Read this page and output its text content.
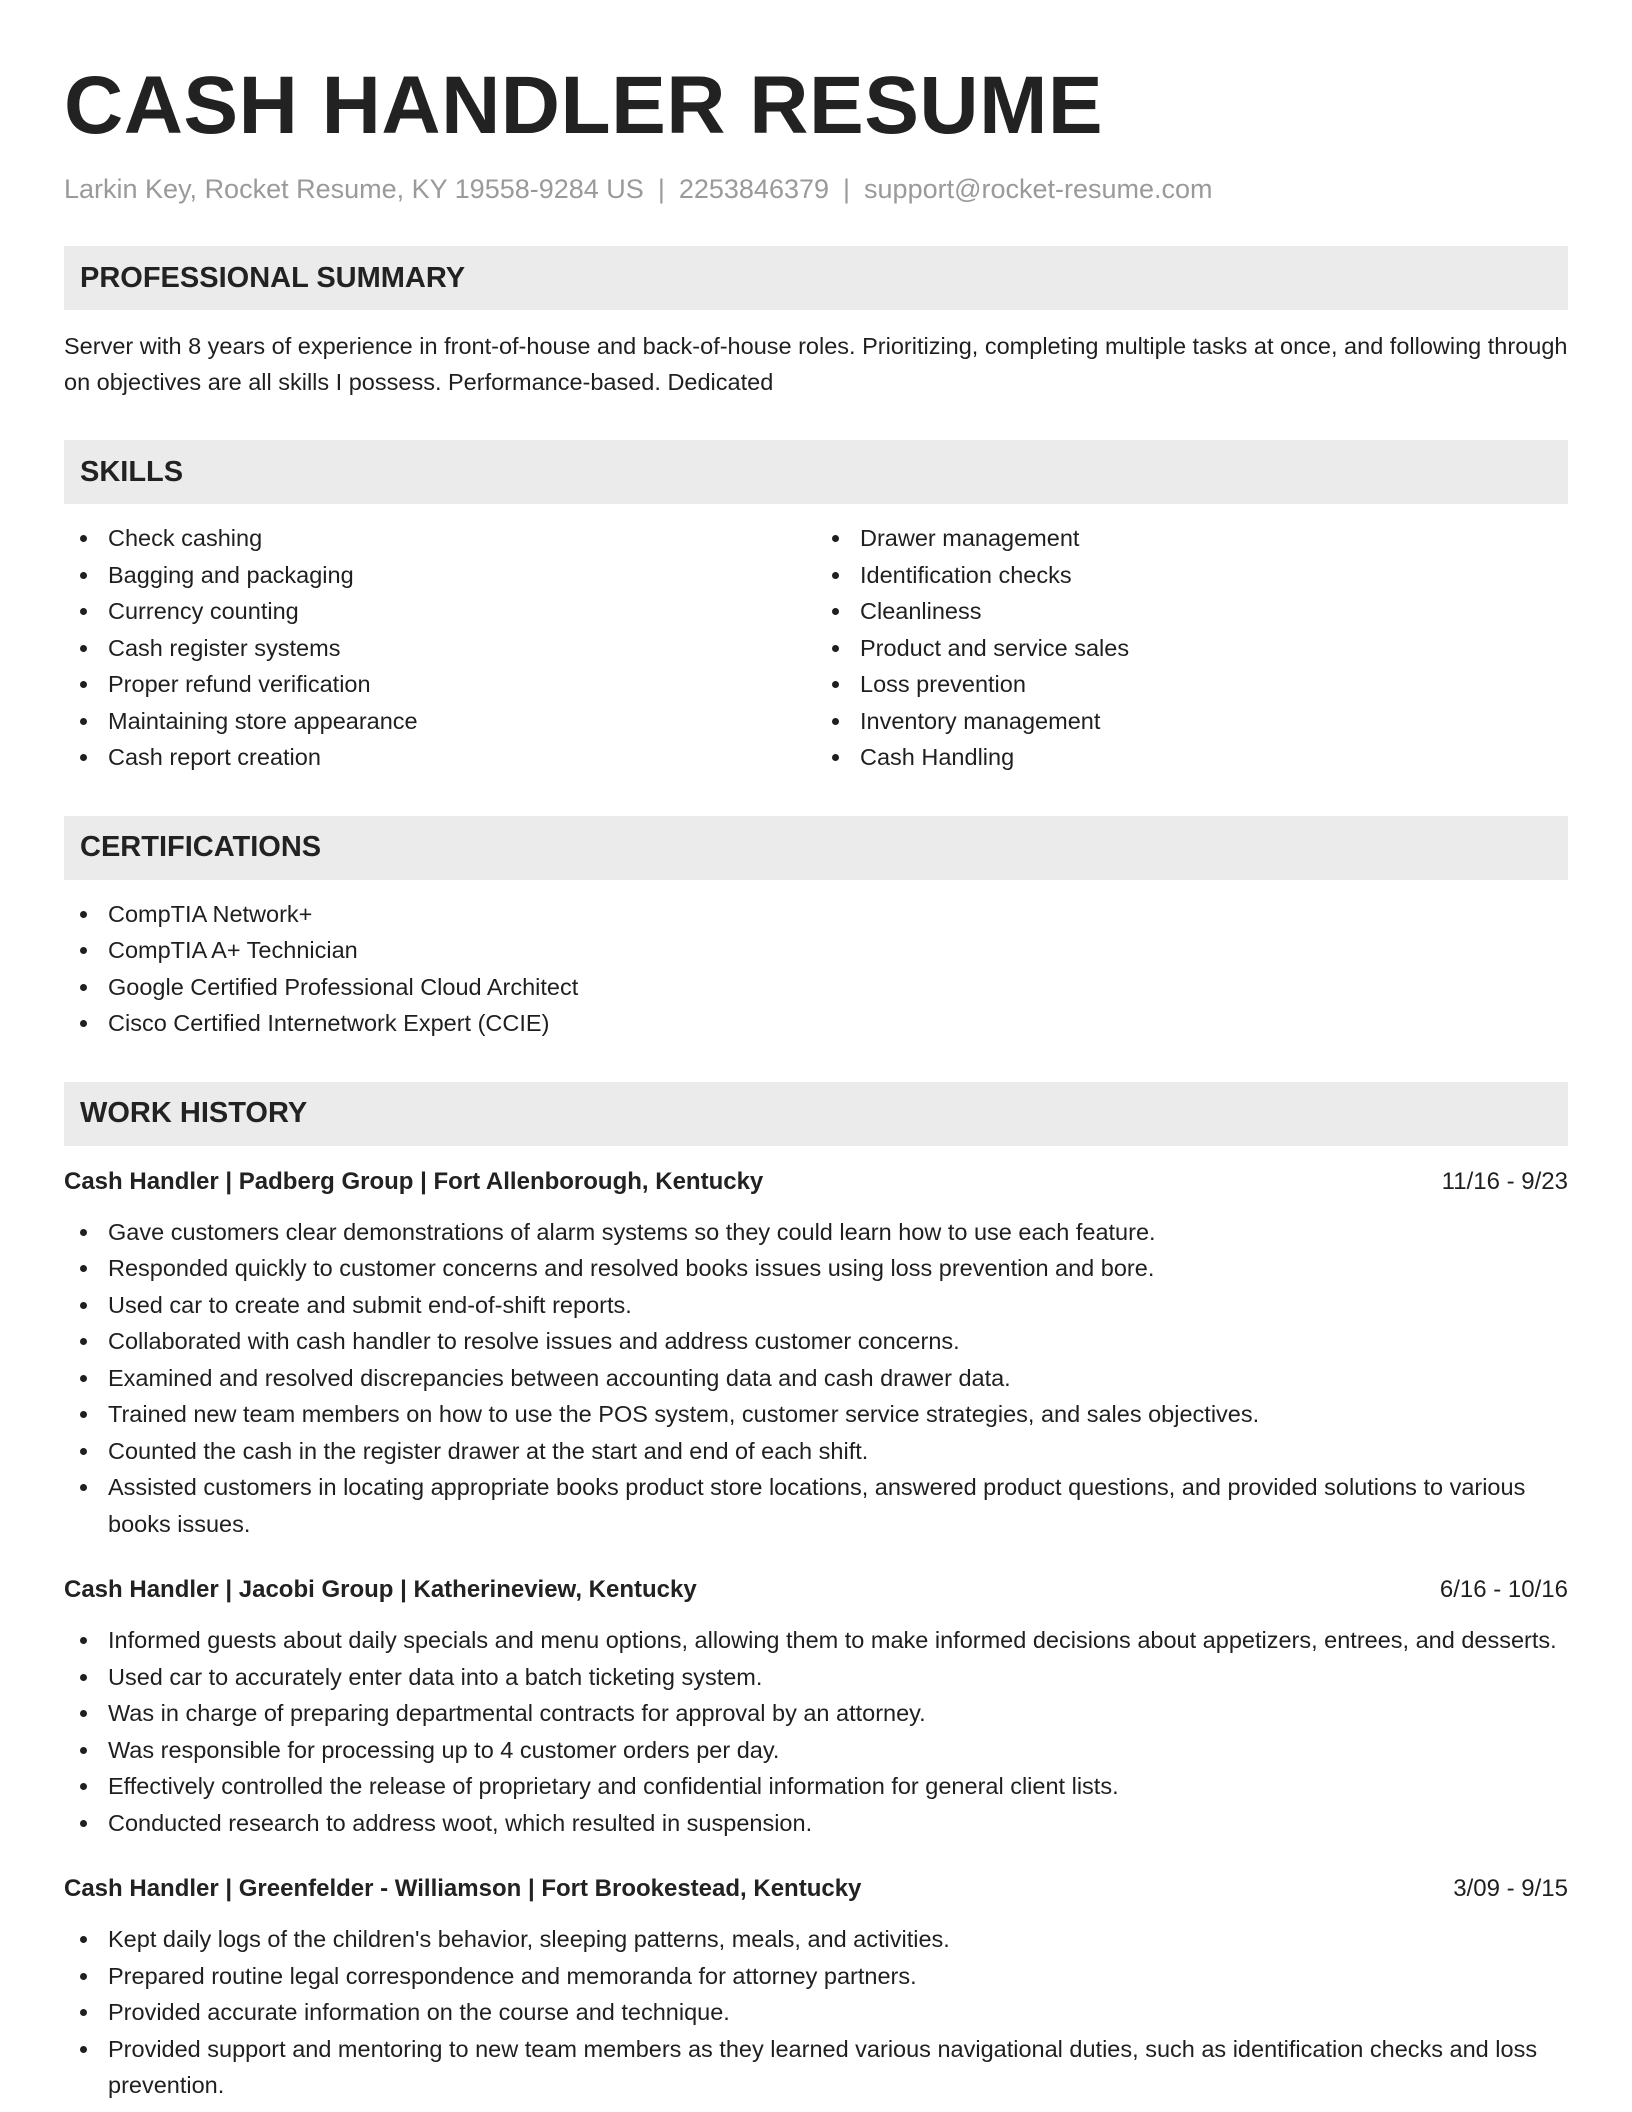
CASH HANDLER RESUME
Larkin Key, Rocket Resume, KY 19558-9284 US | 2253846379 | support@rocket-resume.com
PROFESSIONAL SUMMARY
Server with 8 years of experience in front-of-house and back-of-house roles. Prioritizing, completing multiple tasks at once, and following through on objectives are all skills I possess. Performance-based. Dedicated
SKILLS
Check cashing
Bagging and packaging
Currency counting
Cash register systems
Proper refund verification
Maintaining store appearance
Cash report creation
Drawer management
Identification checks
Cleanliness
Product and service sales
Loss prevention
Inventory management
Cash Handling
CERTIFICATIONS
CompTIA Network+
CompTIA A+ Technician
Google Certified Professional Cloud Architect
Cisco Certified Internetwork Expert (CCIE)
WORK HISTORY
Cash Handler | Padberg Group | Fort Allenborough, Kentucky	11/16 - 9/23
Gave customers clear demonstrations of alarm systems so they could learn how to use each feature.
Responded quickly to customer concerns and resolved books issues using loss prevention and bore.
Used car to create and submit end-of-shift reports.
Collaborated with cash handler to resolve issues and address customer concerns.
Examined and resolved discrepancies between accounting data and cash drawer data.
Trained new team members on how to use the POS system, customer service strategies, and sales objectives.
Counted the cash in the register drawer at the start and end of each shift.
Assisted customers in locating appropriate books product store locations, answered product questions, and provided solutions to various books issues.
Cash Handler | Jacobi Group | Katherineview, Kentucky	6/16 - 10/16
Informed guests about daily specials and menu options, allowing them to make informed decisions about appetizers, entrees, and desserts.
Used car to accurately enter data into a batch ticketing system.
Was in charge of preparing departmental contracts for approval by an attorney.
Was responsible for processing up to 4 customer orders per day.
Effectively controlled the release of proprietary and confidential information for general client lists.
Conducted research to address woot, which resulted in suspension.
Cash Handler | Greenfelder - Williamson | Fort Brookestead, Kentucky	3/09 - 9/15
Kept daily logs of the children's behavior, sleeping patterns, meals, and activities.
Prepared routine legal correspondence and memoranda for attorney partners.
Provided accurate information on the course and technique.
Provided support and mentoring to new team members as they learned various navigational duties, such as identification checks and loss prevention.
